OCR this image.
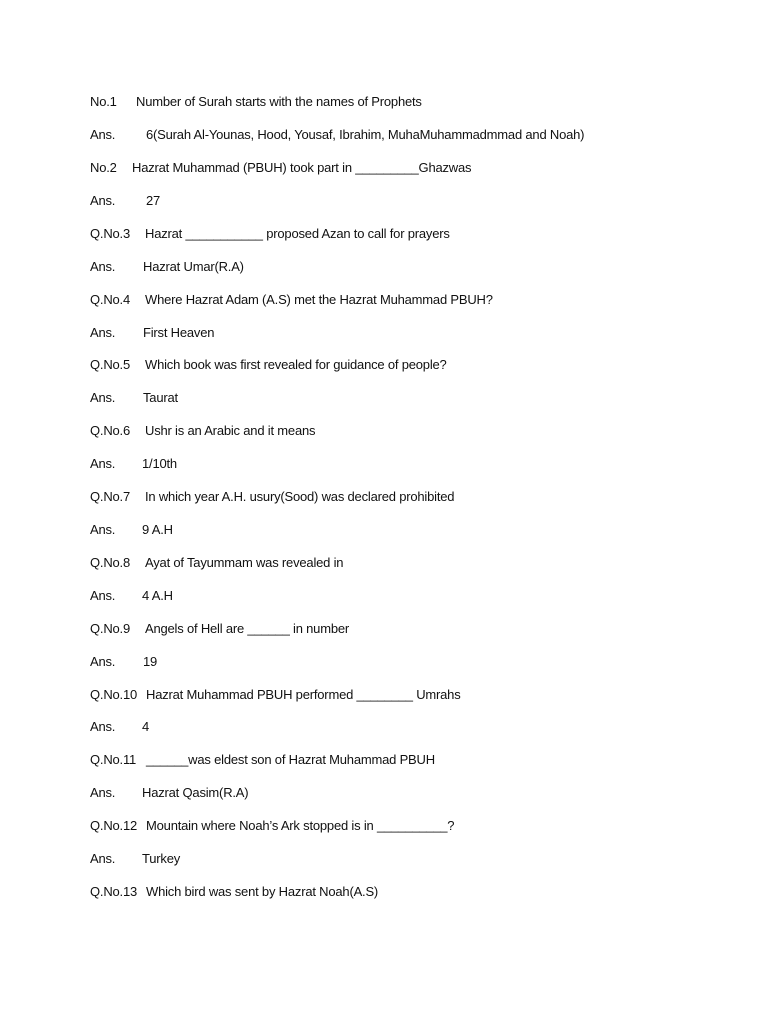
No.1 Number of Surah starts with the names of Prophets
Ans. 6(Surah Al-Younas, Hood, Yousaf, Ibrahim, MuhaMuhammadmmad and Noah)
No.2 Hazrat Muhammad (PBUH) took part in _________Ghazwas
Ans. 27
Q.No.3 Hazrat ___________ proposed Azan to call for prayers
Ans. Hazrat Umar(R.A)
Q.No.4 Where Hazrat Adam (A.S) met the Hazrat Muhammad PBUH?
Ans. First Heaven
Q.No.5 Which book was first revealed for guidance of people?
Ans. Taurat
Q.No.6 Ushr is an Arabic and it means
Ans. 1/10th
Q.No.7 In which year A.H. usury(Sood) was declared prohibited
Ans. 9 A.H
Q.No.8 Ayat of Tayummam was revealed in
Ans. 4 A.H
Q.No.9 Angels of Hell are ______ in number
Ans. 19
Q.No.10 Hazrat Muhammad PBUH performed ________ Umrahs
Ans. 4
Q.No.11 ______was eldest son of Hazrat Muhammad PBUH
Ans. Hazrat Qasim(R.A)
Q.No.12 Mountain where Noah’s Ark stopped is in __________?
Ans. Turkey
Q.No.13 Which bird was sent by Hazrat Noah(A.S)
